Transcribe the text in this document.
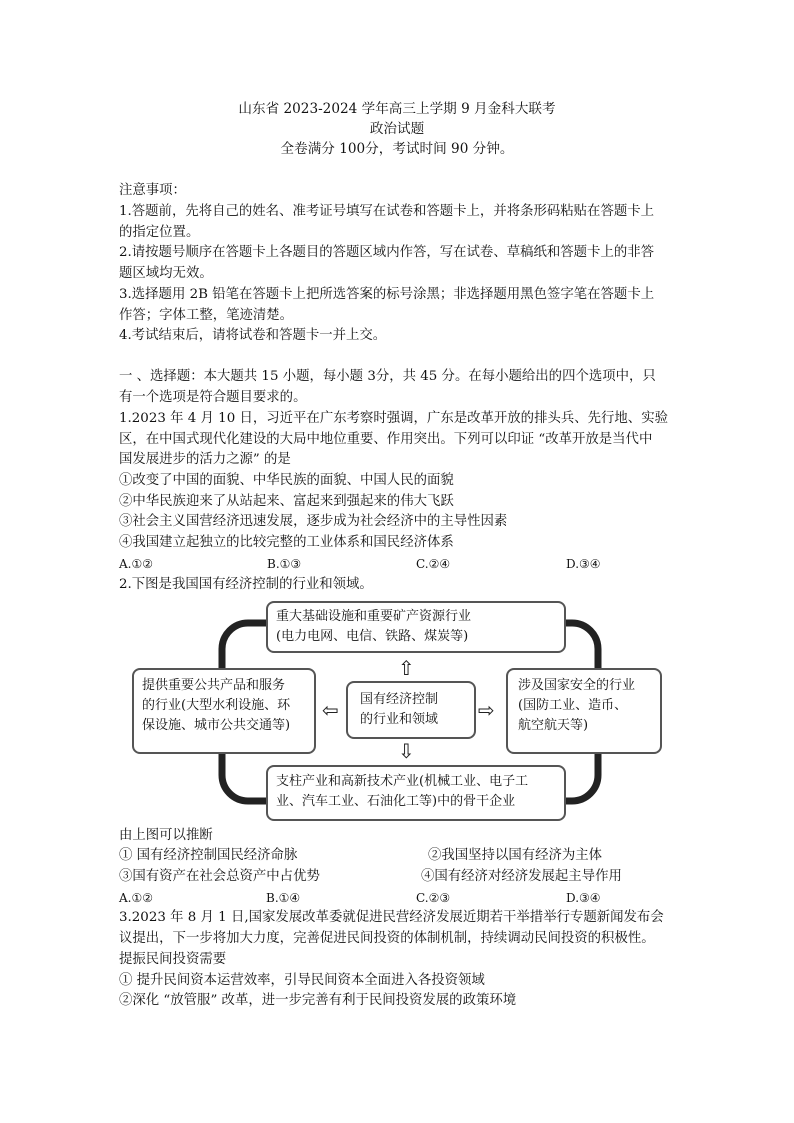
山东省 2023-2024 学年高三上学期 9 月金科大联考
政治试题
全卷满分 100分，考试时间 90 分钟。
注意事项：
1.答题前，先将自己的姓名、准考证号填写在试卷和答题卡上，并将条形码粘贴在答题卡上
的指定位置。
2.请按题号顺序在答题卡上各题目的答题区域内作答，写在试卷、草稿纸和答题卡上的非答
题区域均无效。
3.选择题用 2B 铅笔在答题卡上把所选答案的标号涂黑；非选择题用黑色签字笔在答题卡上
作答；字体工整，笔迹清楚。
4.考试结束后，请将试卷和答题卡一并上交。
一 、选择题：本大题共 15 小题，每小题 3分，共 45 分。在每小题给出的四个选项中，只
有一个选项是符合题目要求的。
1.2023 年 4 月 10 日，习近平在广东考察时强调，广东是改革开放的排头兵、先行地、实验
区，在中国式现代化建设的大局中地位重要、作用突出。下列可以印证 “改革开放是当代中
国发展进步的活力之源” 的是
①改变了中国的面貌、中华民族的面貌、中国人民的面貌
②中华民族迎来了从站起来、富起来到强起来的伟大飞跃
③社会主义国营经济迅速发展，逐步成为社会经济中的主导性因素
④我国建立起独立的比较完整的工业体系和国民经济体系
A.①②	B.①③	C.②④	D.③④
2.下图是我国国有经济控制的行业和领域。
重大基础设施和重要矿产资源行业
(电力电网、电信、铁路、煤炭等)
⇧
国有经济控制
的行业和领域
⇦	⇨
提供重要公共产品和服务
的行业(大型水利设施、环
保设施、城市公共交通等)
涉及国家安全的行业
(国防工业、造币、
航空航天等)
⇩
支柱产业和高新技术产业(机械工业、电子工
业、汽车工业、石油化工等)中的骨干企业
由上图可以推断
① 国有经济控制国民经济命脉	②我国坚持以国有经济为主体
③国有资产在社会总资产中占优势	④国有经济对经济发展起主导作用
A.①②	B.①④	C.②③	D.③④
3.2023 年 8 月 1 日,国家发展改革委就促进民营经济发展近期若干举措举行专题新闻发布会
议提出，下一步将加大力度，完善促进民间投资的体制机制，持续调动民间投资的积极性。
提振民间投资需要
① 提升民间资本运营效率，引导民间资本全面进入各投资领域
②深化 “放管服” 改革，进一步完善有利于民间投资发展的政策环境
